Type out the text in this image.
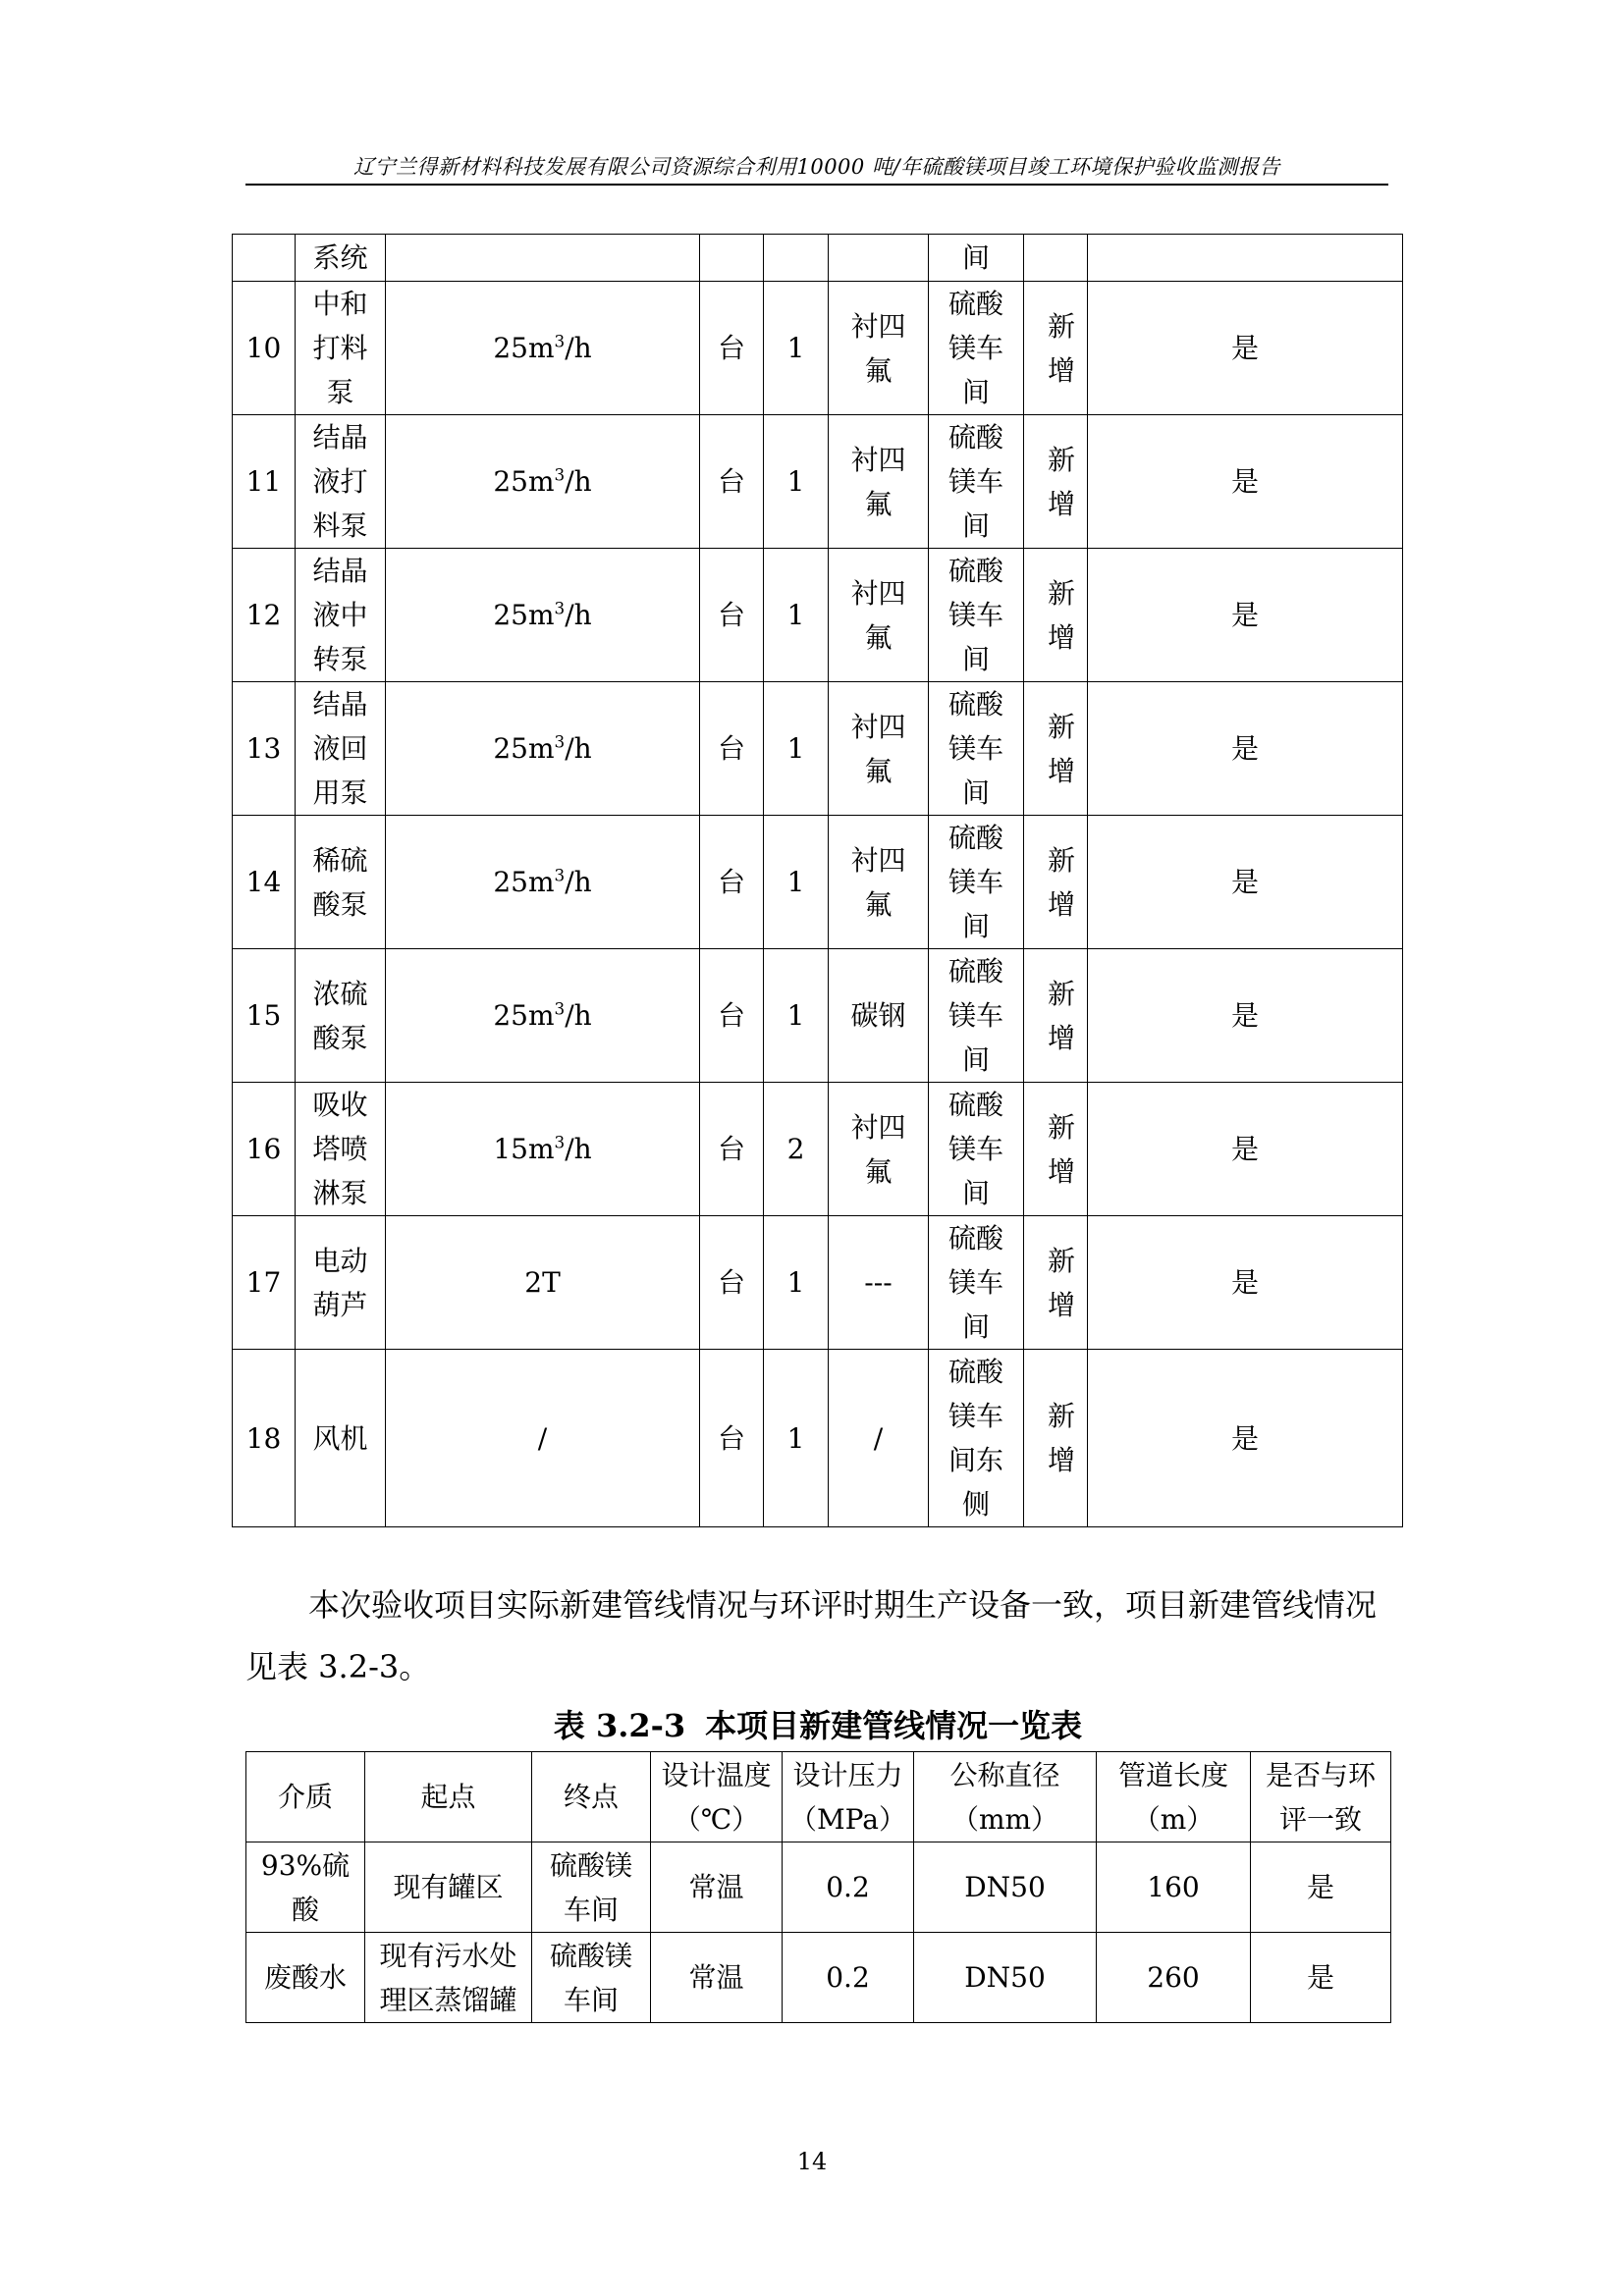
辽宁兰得新材料科技发展有限公司资源综合利用10000 吨/年硫酸镁项目竣工环境保护验收监测报告
	系统					间		
10	中和打料泵	$25m^3/h$	台	1	衬四氟	硫酸镁车间	新增	是
11	结晶液打料泵	$25m^3/h$	台	1	衬四氟	硫酸镁车间	新增	是
12	结晶液中转泵	$25m^3/h$	台	1	衬四氟	硫酸镁车间	新增	是
13	结晶液回用泵	$25m^3/h$	台	1	衬四氟	硫酸镁车间	新增	是
14	稀硫酸泵	$25m^3/h$	台	1	衬四氟	硫酸镁车间	新增	是
15	浓硫酸泵	$25m^3/h$	台	1	碳钢	硫酸镁车间	新增	是
16	吸收塔喷淋泵	$15m^3/h$	台	2	衬四氟	硫酸镁车间	新增	是
17	电动葫芦	2T	台	1	---	硫酸镁车间	新增	是
18	风机	/	台	1	/	硫酸镁车间东侧	新增	是
本次验收项目实际新建管线情况与环评时期生产设备一致，项目新建管线情况见表 3.2-3。
表 3.2-3 本项目新建管线情况一览表
介质	起点	终点	设计温度（℃）	设计压力（MPa）	公称直径（mm）	管道长度（m）	是否与环评一致
93%硫酸	现有罐区	硫酸镁车间	常温	0.2	DN50	160	是
废酸水	现有污水处理区蒸馏罐	硫酸镁车间	常温	0.2	DN50	260	是
14
